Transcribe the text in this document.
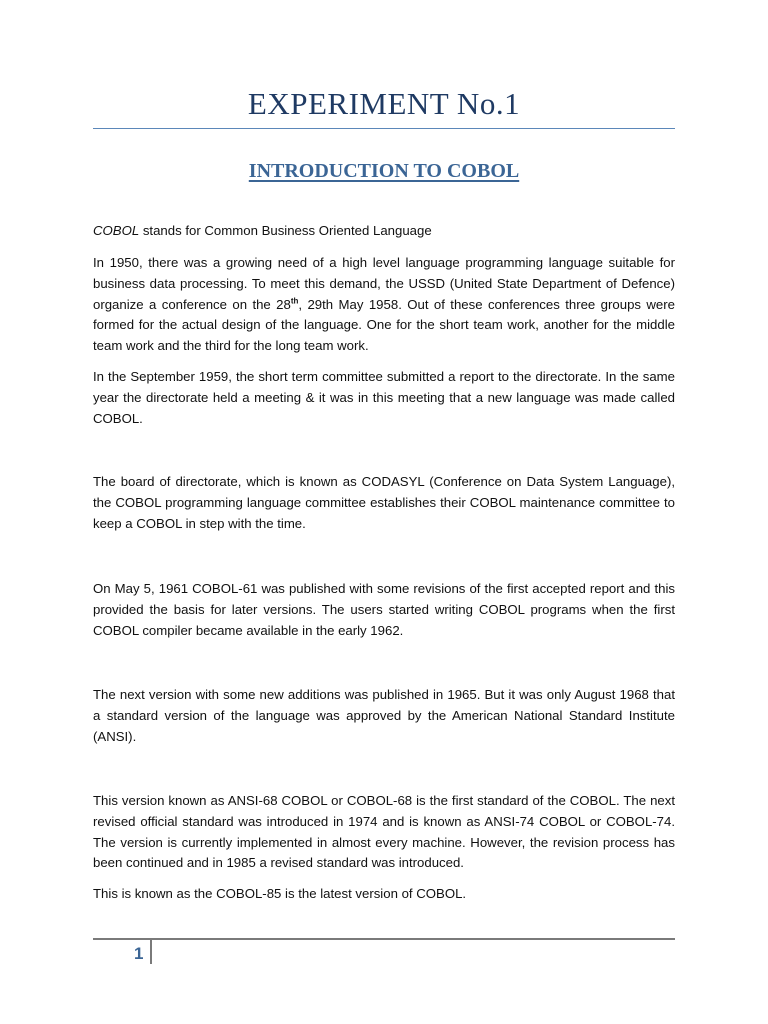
EXPERIMENT No.1
INTRODUCTION TO COBOL

COBOL stands for Common Business Oriented Language

In 1950, there was a growing need of a high level language programming language suitable for business data processing. To meet this demand, the USSD (United State Department of Defence) organize a conference on the 28th, 29th May 1958. Out of these conferences three groups were formed for the actual design of the language. One for the short team work, another for the middle team work and the third for the long team work.

In the September 1959, the short term committee submitted a report to the directorate. In the same year the directorate held a meeting & it was in this meeting that a new language was made called COBOL.

The board of directorate, which is known as CODASYL (Conference on Data System Language), the COBOL programming language committee establishes their COBOL maintenance committee to keep a COBOL in step with the time.

On May 5, 1961 COBOL-61 was published with some revisions of the first accepted report and this provided the basis for later versions. The users started writing COBOL programs when the first COBOL compiler became available in the early 1962.

The next version with some new additions was published in 1965. But it was only August 1968 that a standard version of the language was approved by the American National Standard Institute (ANSI).

This version known as ANSI-68 COBOL or COBOL-68 is the first standard of the COBOL. The next revised official standard was introduced in 1974 and is known as ANSI-74 COBOL or COBOL-74. The version is currently implemented in almost every machine. However, the revision process has been continued and in 1985 a revised standard was introduced.

This is known as the COBOL-85 is the latest version of COBOL.

1
